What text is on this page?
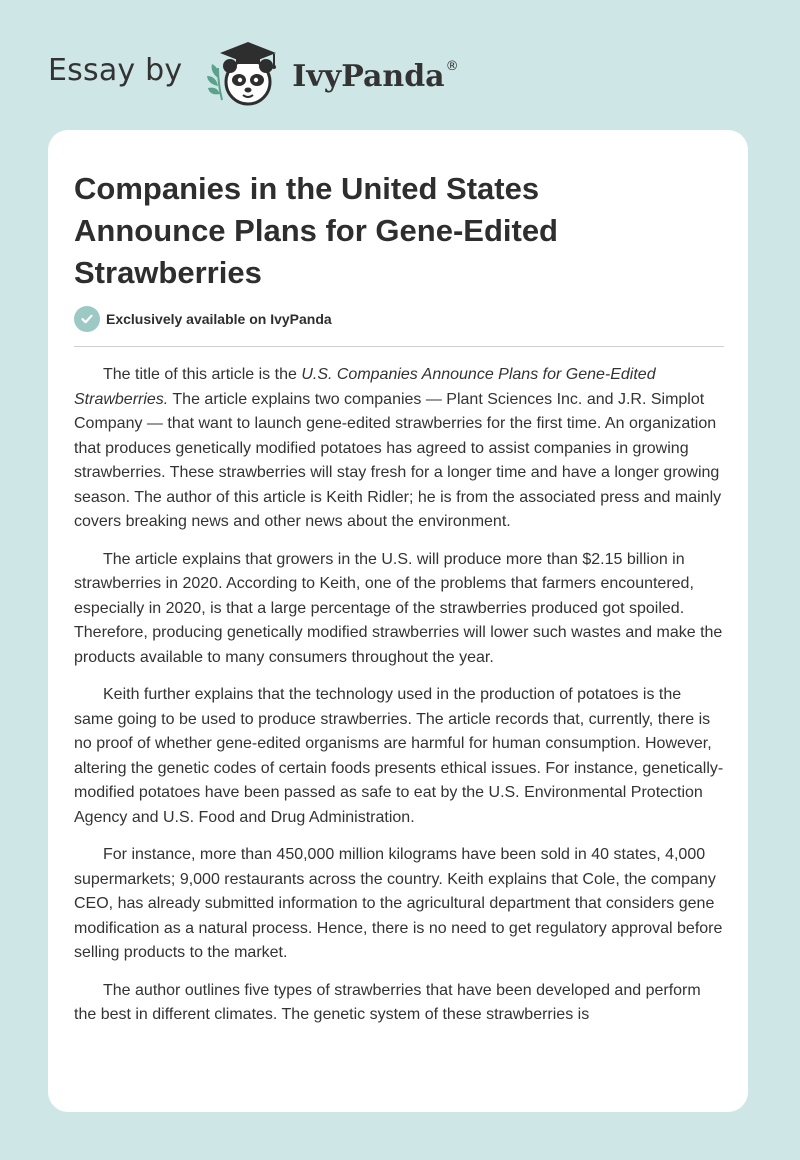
Essay by	IvyPanda ®
Companies in the United States Announce Plans for Gene-Edited Strawberries
Exclusively available on IvyPanda

The title of this article is the U.S. Companies Announce Plans for Gene-Edited Strawberries. The article explains two companies — Plant Sciences Inc. and J.R. Simplot Company — that want to launch gene-edited strawberries for the first time. An organization that produces genetically modified potatoes has agreed to assist companies in growing strawberries. These strawberries will stay fresh for a longer time and have a longer growing season. The author of this article is Keith Ridler; he is from the associated press and mainly covers breaking news and other news about the environment.

The article explains that growers in the U.S. will produce more than $2.15 billion in strawberries in 2020. According to Keith, one of the problems that farmers encountered, especially in 2020, is that a large percentage of the strawberries produced got spoiled. Therefore, producing genetically modified strawberries will lower such wastes and make the products available to many consumers throughout the year.

Keith further explains that the technology used in the production of potatoes is the same going to be used to produce strawberries. The article records that, currently, there is no proof of whether gene-edited organisms are harmful for human consumption. However, altering the genetic codes of certain foods presents ethical issues. For instance, genetically-modified potatoes have been passed as safe to eat by the U.S. Environmental Protection Agency and U.S. Food and Drug Administration.

For instance, more than 450,000 million kilograms have been sold in 40 states, 4,000 supermarkets; 9,000 restaurants across the country. Keith explains that Cole, the company CEO, has already submitted information to the agricultural department that considers gene modification as a natural process. Hence, there is no need to get regulatory approval before selling products to the market.

The author outlines five types of strawberries that have been developed and perform the best in different climates. The genetic system of these strawberries is
